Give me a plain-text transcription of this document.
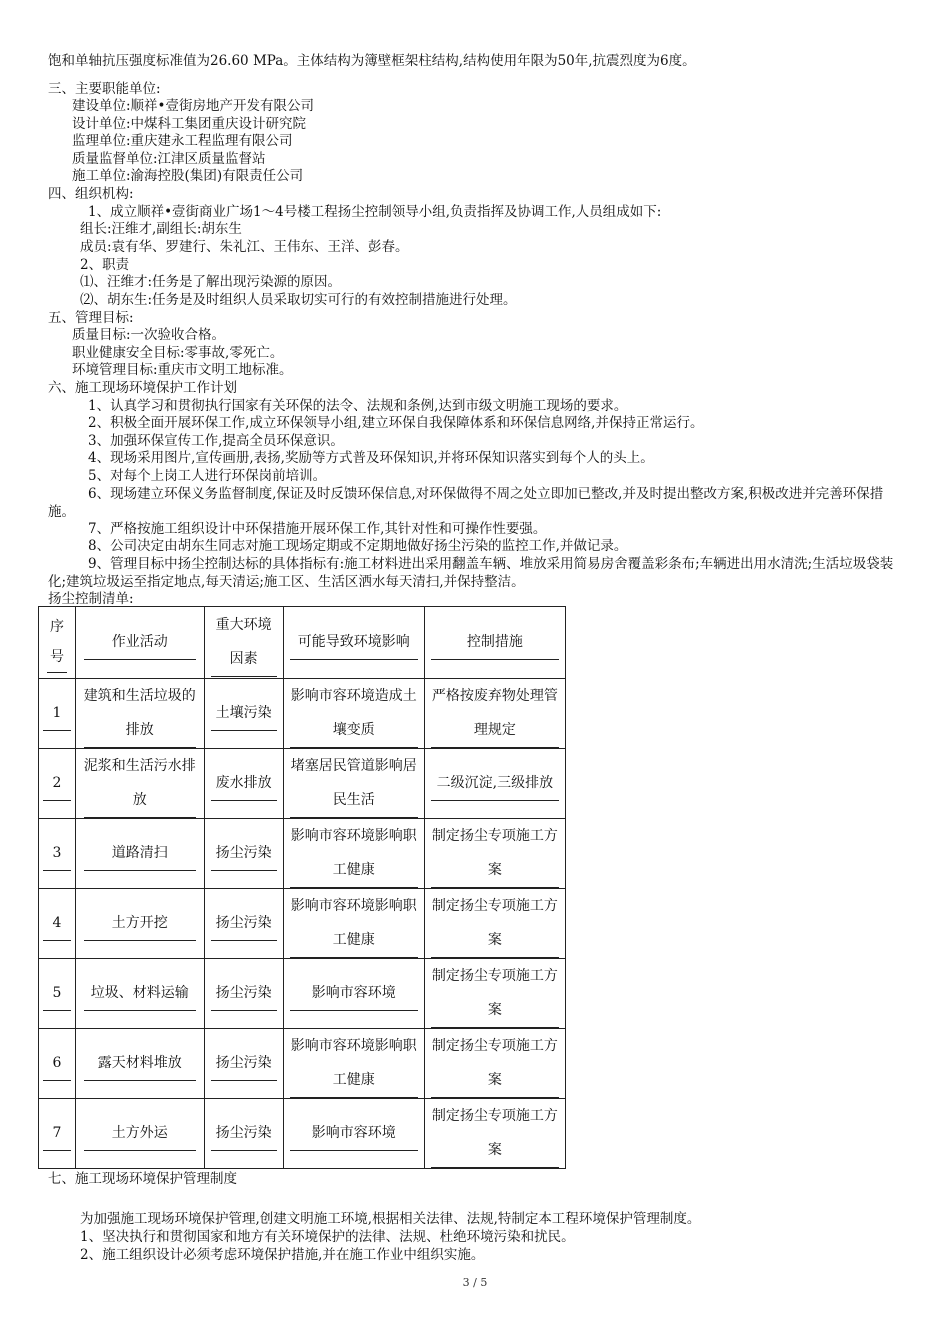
饱和单轴抗压强度标准值为26.60 MPa。主体结构为簿壁框架柱结构,结构使用年限为50年,抗震烈度为6度。
三、主要职能单位:
建设单位:顺祥•壹街房地产开发有限公司
设计单位:中煤科工集团重庆设计研究院
监理单位:重庆建永工程监理有限公司
质量监督单位:江津区质量监督站
施工单位:渝海控股(集团)有限责任公司
四、组织机构:
1、成立顺祥•壹街商业广场1～4号楼工程扬尘控制领导小组,负责指挥及协调工作,人员组成如下:
组长:汪维才,副组长:胡东生
成员:袁有华、罗建行、朱礼江、王伟东、王洋、彭春。
2、职责
⑴、汪维才:任务是了解出现污染源的原因。
⑵、胡东生:任务是及时组织人员采取切实可行的有效控制措施进行处理。
五、管理目标:
质量目标:一次验收合格。
职业健康安全目标:零事故,零死亡。
环境管理目标:重庆市文明工地标准。
六、施工现场环境保护工作计划
1、认真学习和贯彻执行国家有关环保的法令、法规和条例,达到市级文明施工现场的要求。
2、积极全面开展环保工作,成立环保领导小组,建立环保自我保障体系和环保信息网络,并保持正常运行。
3、加强环保宣传工作,提高全员环保意识。
4、现场采用图片,宣传画册,表扬,奖励等方式普及环保知识,并将环保知识落实到每个人的头上。
5、对每个上岗工人进行环保岗前培训。
6、现场建立环保义务监督制度,保证及时反馈环保信息,对环保做得不周之处立即加已整改,并及时提出整改方案,积极改进并完善环保措施。
7、严格按施工组织设计中环保措施开展环保工作,其针对性和可操作性要强。
8、公司决定由胡东生同志对施工现场定期或不定期地做好扬尘污染的监控工作,并做记录。
9、管理目标中扬尘控制达标的具体指标有:施工材料进出采用翻盖车辆、堆放采用简易房舍覆盖彩条布;车辆进出用水清洗;生活垃圾袋装化;建筑垃圾运至指定地点,每天清运;施工区、生活区洒水每天清扫,并保持整洁。
扬尘控制清单:
序号	作业活动	重大环境因素	可能导致环境影响	控制措施
1	建筑和生活垃圾的排放	土壤污染	影响市容环境造成土壤变质	严格按废弃物处理管理规定
2	泥浆和生活污水排放	废水排放	堵塞居民管道影响居民生活	二级沉淀,三级排放
3	道路清扫	扬尘污染	影响市容环境影响职工健康	制定扬尘专项施工方案
4	土方开挖	扬尘污染	影响市容环境影响职工健康	制定扬尘专项施工方案
5	垃圾、材料运输	扬尘污染	影响市容环境	制定扬尘专项施工方案
6	露天材料堆放	扬尘污染	影响市容环境影响职工健康	制定扬尘专项施工方案
7	土方外运	扬尘污染	影响市容环境	制定扬尘专项施工方案
七、施工现场环境保护管理制度
为加强施工现场环境保护管理,创建文明施工环境,根据相关法律、法规,特制定本工程环境保护管理制度。
1、坚决执行和贯彻国家和地方有关环境保护的法律、法规、杜绝环境污染和扰民。
2、施工组织设计必须考虑环境保护措施,并在施工作业中组织实施。
3 / 5
